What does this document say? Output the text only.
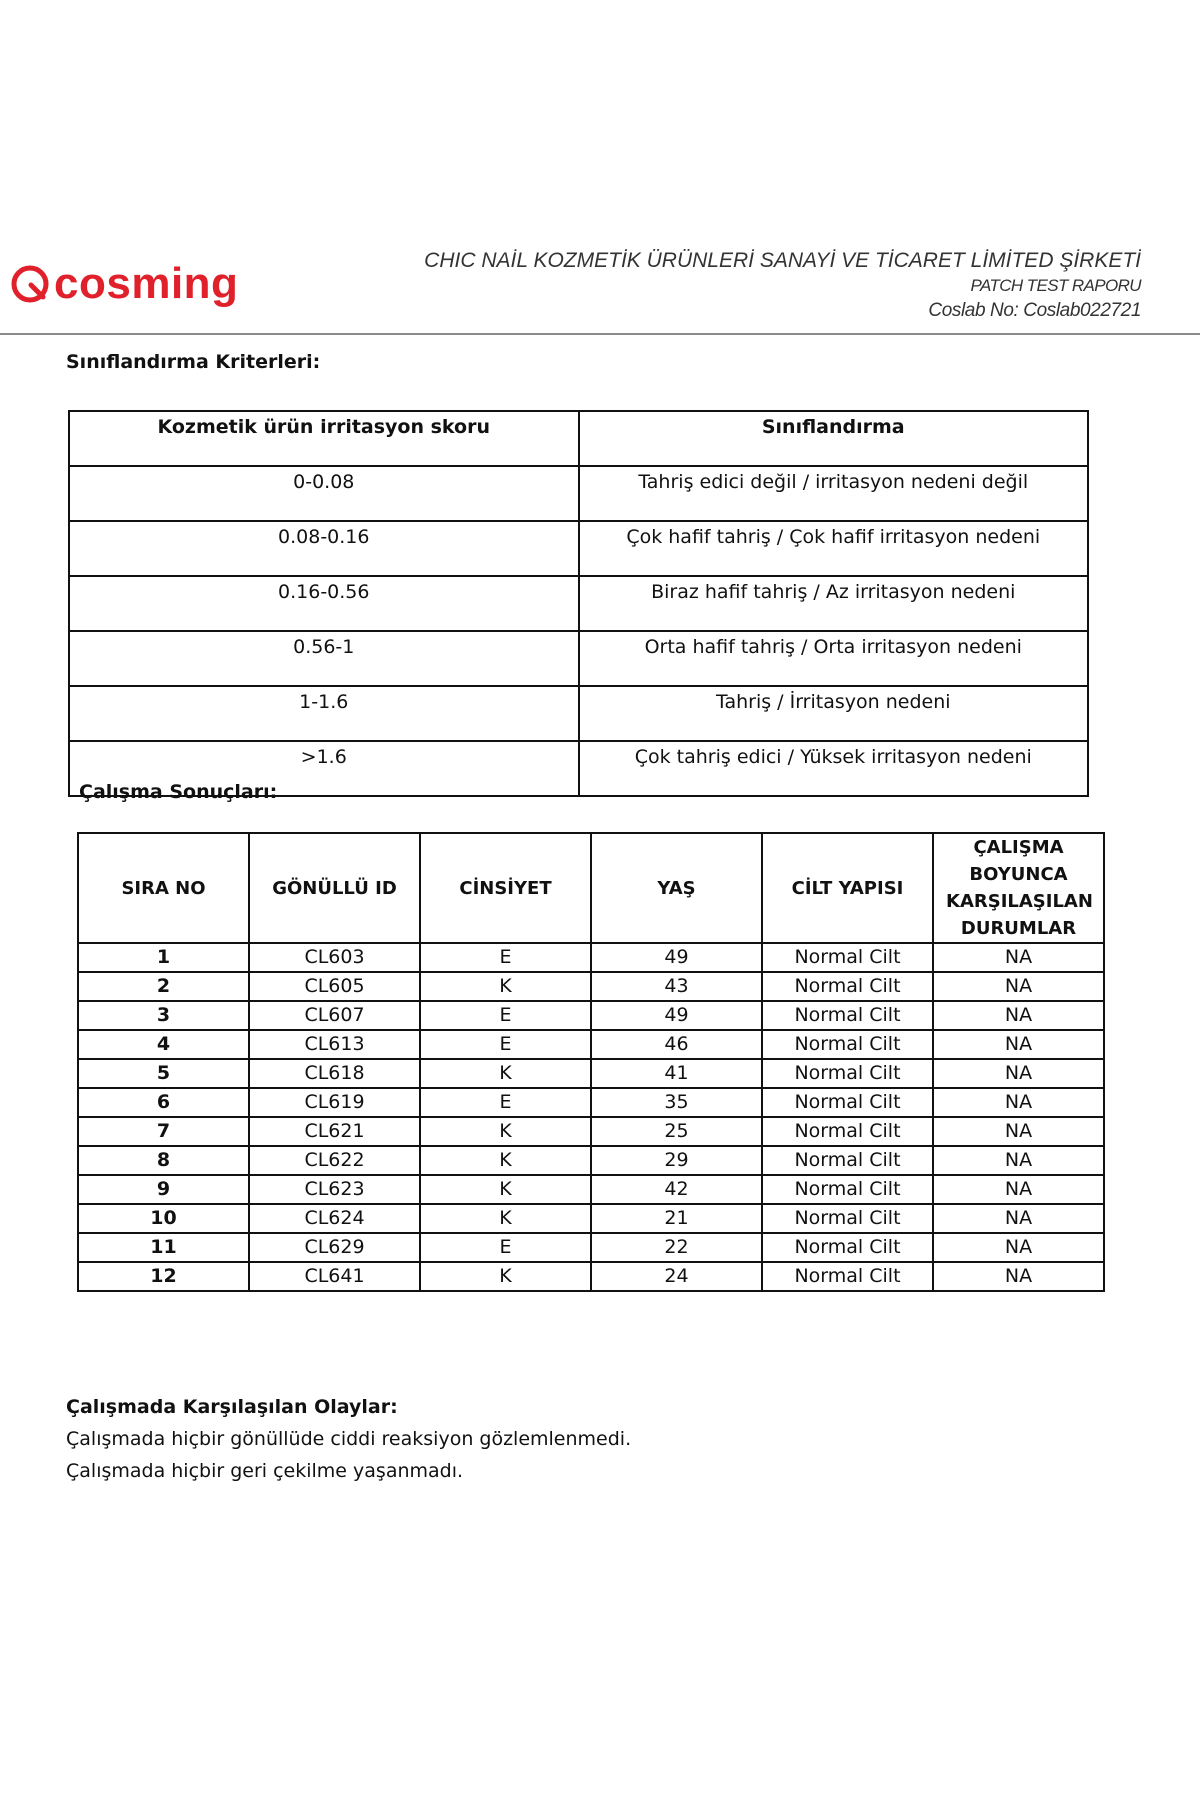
cosming	CHIC NAİL KOZMETİK ÜRÜNLERİ SANAYİ VE TİCARET LİMİTED ŞİRKETİ
PATCH TEST RAPORU
Coslab No: Coslab022721
Sınıflandırma Kriterleri:
Kozmetik ürün irritasyon skoru	Sınıflandırma
0-0.08	Tahriş edici değil / irritasyon nedeni değil
0.08-0.16	Çok hafif tahriş / Çok hafif irritasyon nedeni
0.16-0.56	Biraz hafif tahriş / Az irritasyon nedeni
0.56-1	Orta hafif tahriş / Orta irritasyon nedeni
1-1.6	Tahriş / İrritasyon nedeni
>1.6	Çok tahriş edici / Yüksek irritasyon nedeni
Çalışma Sonuçları:
SIRA NO	GÖNÜLLÜ ID	CİNSİYET	YAŞ	CİLT YAPISI	ÇALIŞMA BOYUNCA KARŞILAŞILAN DURUMLAR
1	CL603	E	49	Normal Cilt	NA
2	CL605	K	43	Normal Cilt	NA
3	CL607	E	49	Normal Cilt	NA
4	CL613	E	46	Normal Cilt	NA
5	CL618	K	41	Normal Cilt	NA
6	CL619	E	35	Normal Cilt	NA
7	CL621	K	25	Normal Cilt	NA
8	CL622	K	29	Normal Cilt	NA
9	CL623	K	42	Normal Cilt	NA
10	CL624	K	21	Normal Cilt	NA
11	CL629	E	22	Normal Cilt	NA
12	CL641	K	24	Normal Cilt	NA
Çalışmada Karşılaşılan Olaylar:
Çalışmada hiçbir gönüllüde ciddi reaksiyon gözlemlenmedi.
Çalışmada hiçbir geri çekilme yaşanmadı.
